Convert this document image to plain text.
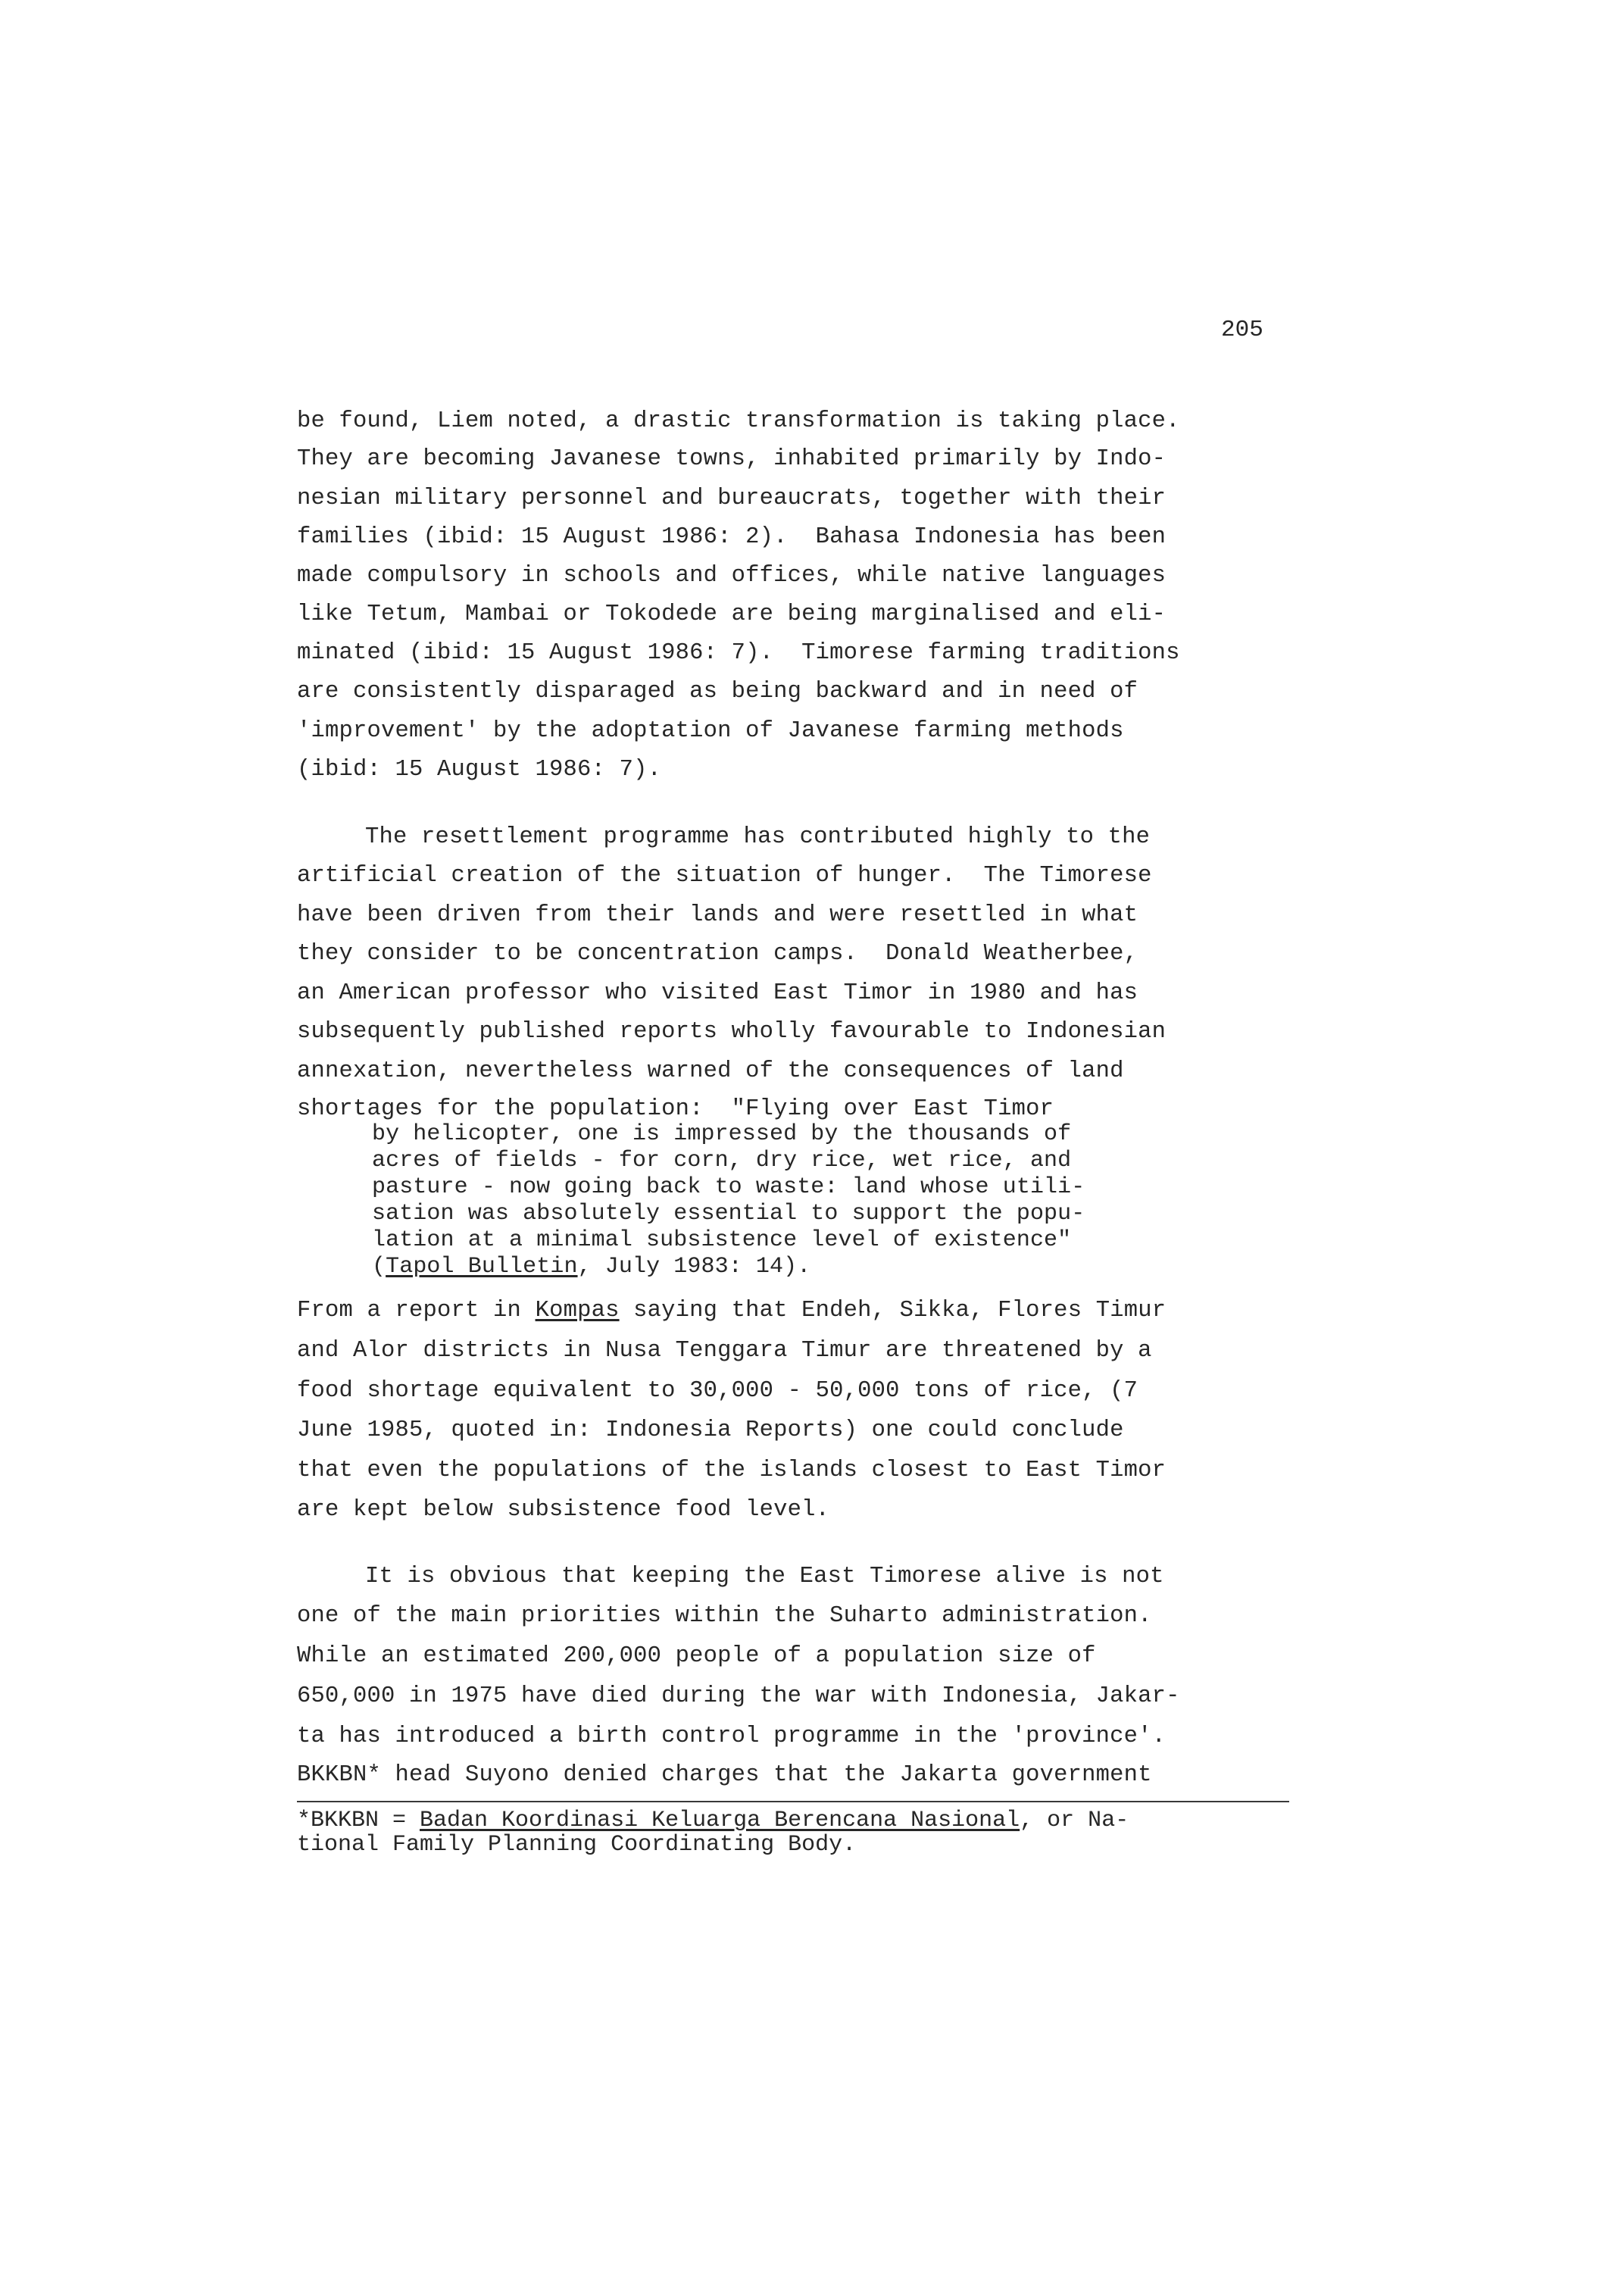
205
be found, Liem noted, a drastic transformation is taking place.
They are becoming Javanese towns, inhabited primarily by Indo-
nesian military personnel and bureaucrats, together with their
families (ibid: 15 August 1986: 2).  Bahasa Indonesia has been
made compulsory in schools and offices, while native languages
like Tetum, Mambai or Tokodede are being marginalised and eli-
minated (ibid: 15 August 1986: 7).  Timorese farming traditions
are consistently disparaged as being backward and in need of
'improvement' by the adoptation of Javanese farming methods
(ibid: 15 August 1986: 7).
The resettlement programme has contributed highly to the
artificial creation of the situation of hunger.  The Timorese
have been driven from their lands and were resettled in what
they consider to be concentration camps.  Donald Weatherbee,
an American professor who visited East Timor in 1980 and has
subsequently published reports wholly favourable to Indonesian
annexation, nevertheless warned of the consequences of land
shortages for the population:  "Flying over East Timor
by helicopter, one is impressed by the thousands of
acres of fields - for corn, dry rice, wet rice, and
pasture - now going back to waste: land whose utili-
sation was absolutely essential to support the popu-
lation at a minimal subsistence level of existence"
(Tapol Bulletin, July 1983: 14).
From a report in Kompas saying that Endeh, Sikka, Flores Timur
and Alor districts in Nusa Tenggara Timur are threatened by a
food shortage equivalent to 30,000 - 50,000 tons of rice, (7
June 1985, quoted in: Indonesia Reports) one could conclude
that even the populations of the islands closest to East Timor
are kept below subsistence food level.
It is obvious that keeping the East Timorese alive is not
one of the main priorities within the Suharto administration.
While an estimated 200,000 people of a population size of
650,000 in 1975 have died during the war with Indonesia, Jakar-
ta has introduced a birth control programme in the 'province'.
BKKBN* head Suyono denied charges that the Jakarta government
*BKKBN = Badan Koordinasi Keluarga Berencana Nasional, or Na-
tional Family Planning Coordinating Body.
